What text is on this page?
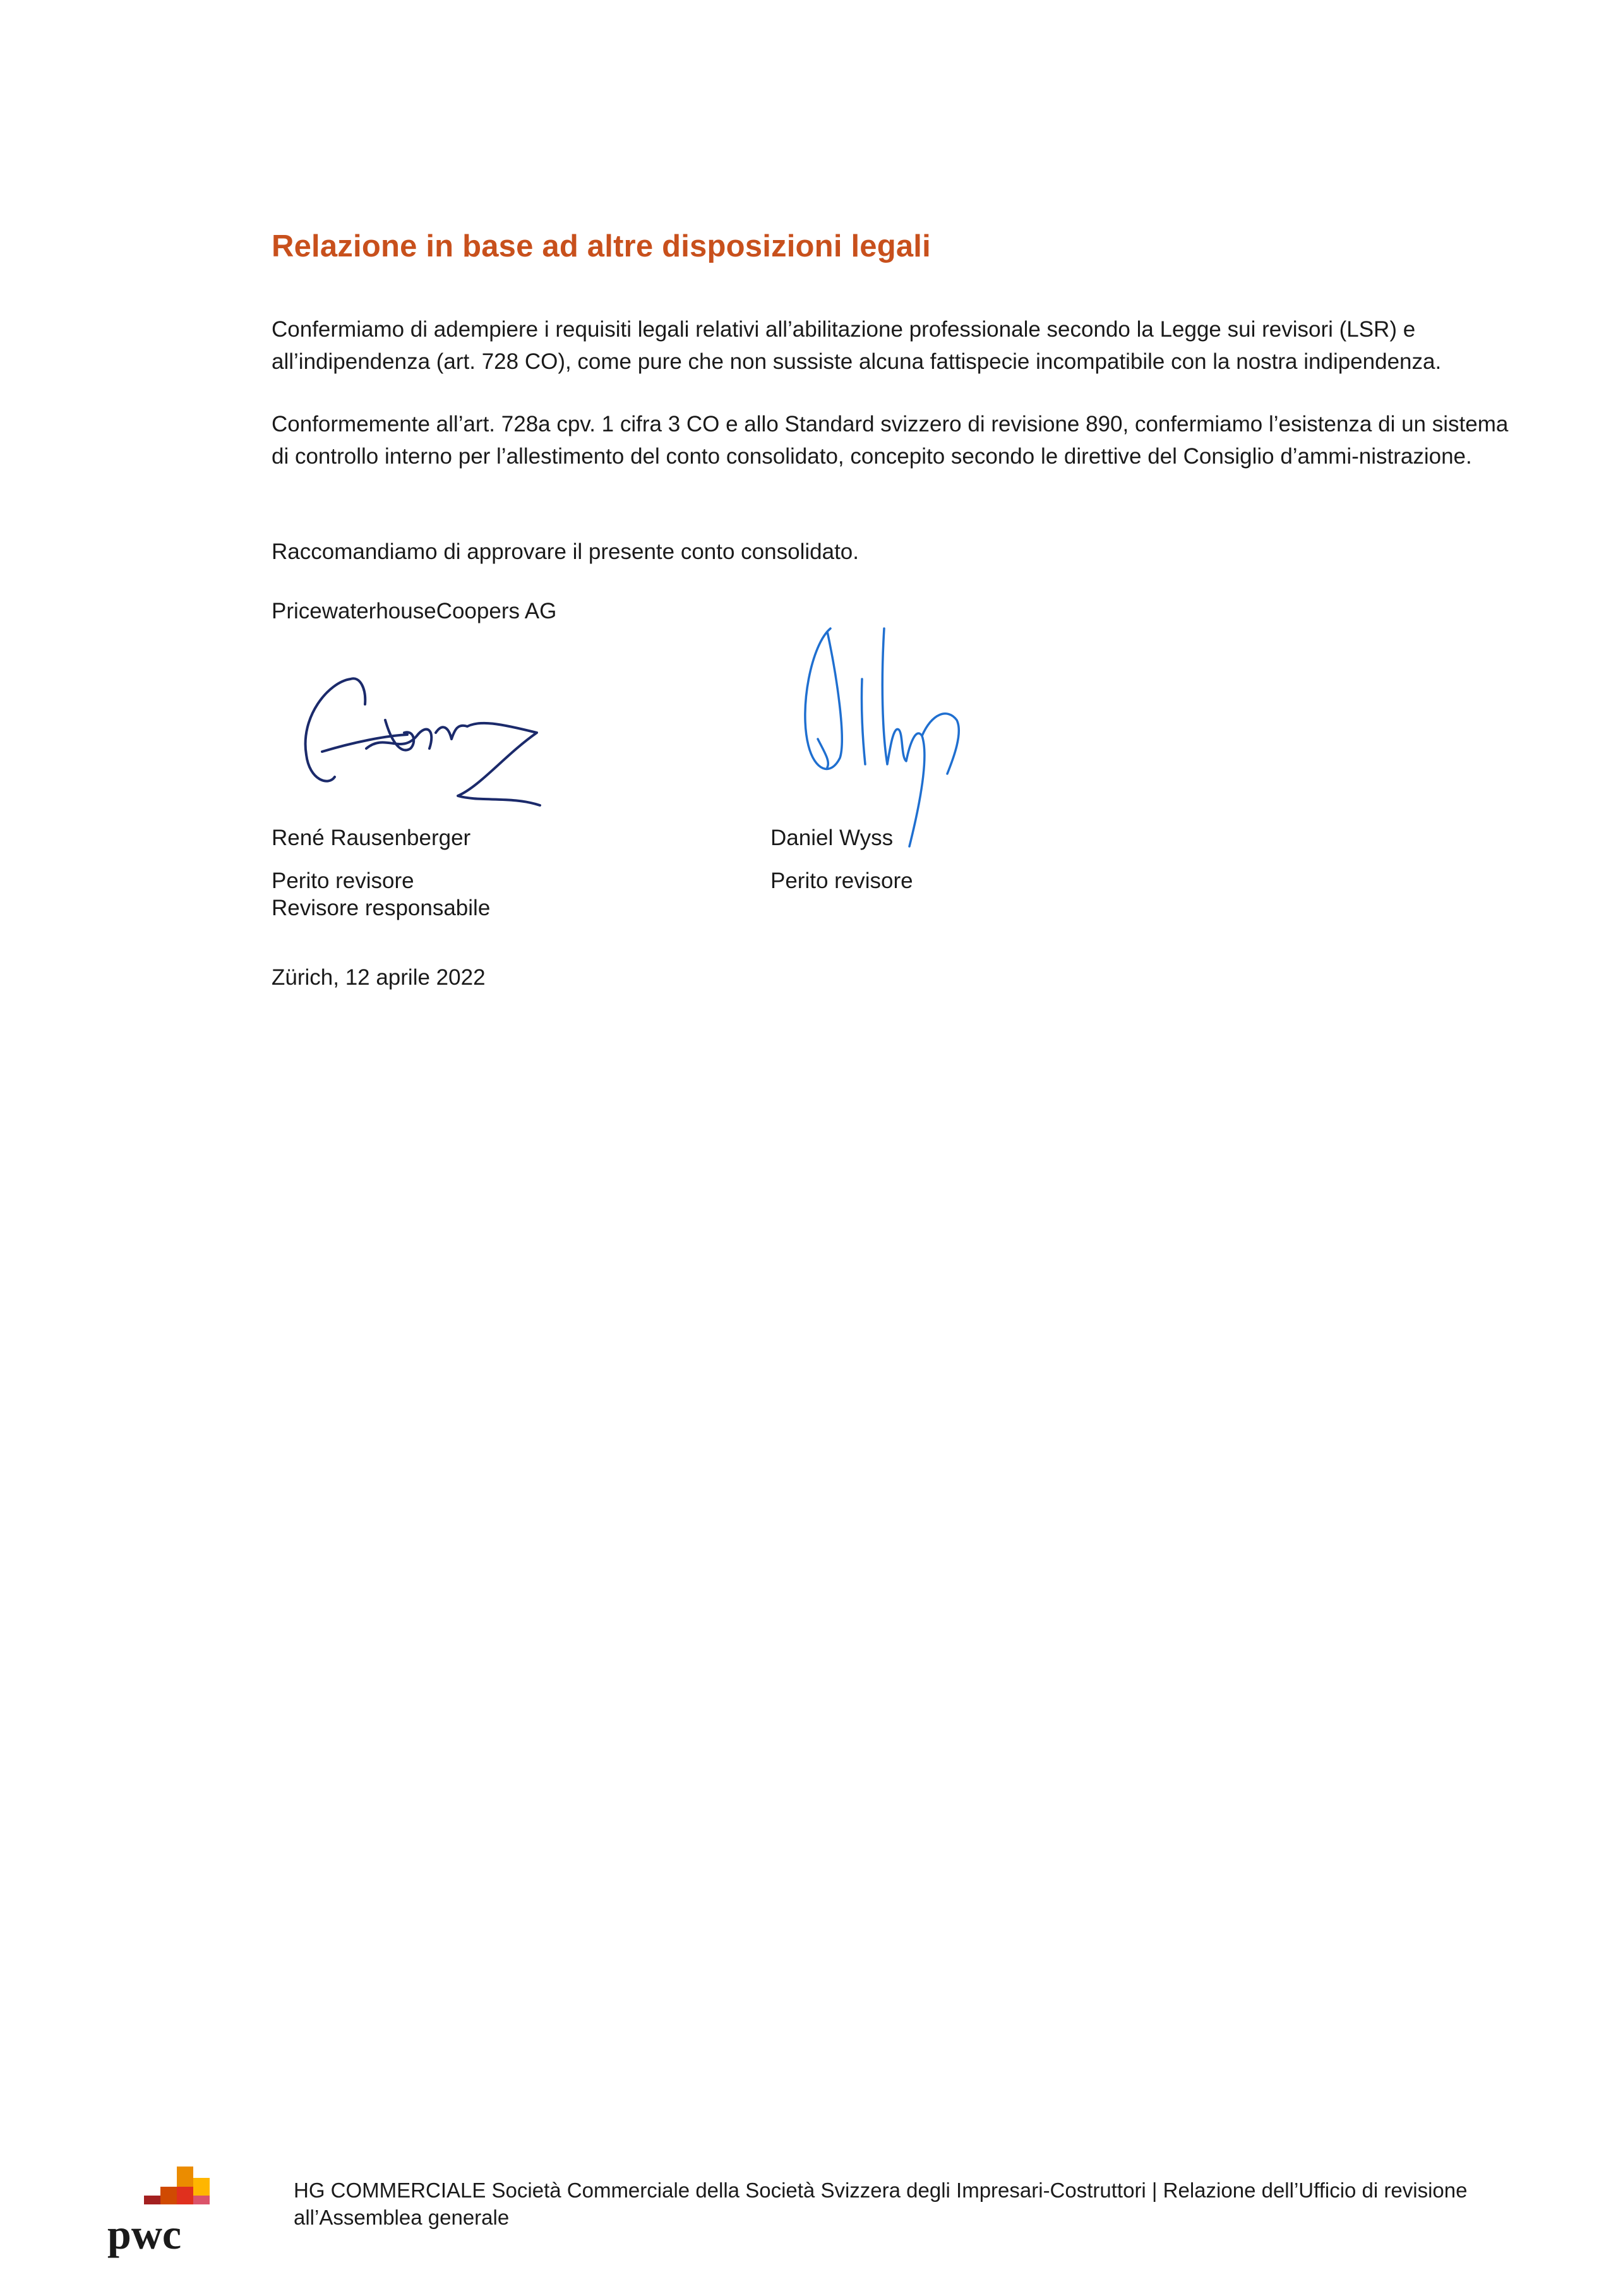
Relazione in base ad altre disposizioni legali

Confermiamo di adempiere i requisiti legali relativi all’abilitazione professionale secondo la Legge sui revisori (LSR) e all’indipendenza (art. 728 CO), come pure che non sussiste alcuna fattispecie incompatibile con la nostra indipendenza.

Conformemente all’art. 728a cpv. 1 cifra 3 CO e allo Standard svizzero di revisione 890, confermiamo l’esistenza di un sistema di controllo interno per l’allestimento del conto consolidato, concepito secondo le direttive del Consiglio d’ammi-nistrazione.

Raccomandiamo di approvare il presente conto consolidato.

PricewaterhouseCoopers AG
René Rausenberger	Daniel Wyss
Perito revisore
Revisore responsabile
Perito revisore
Zürich, 12 aprile 2022
pwc
HG COMMERCIALE Società Commerciale della Società Svizzera degli Impresari-Costruttori | Relazione dell’Ufficio di revisione all’Assemblea generale
